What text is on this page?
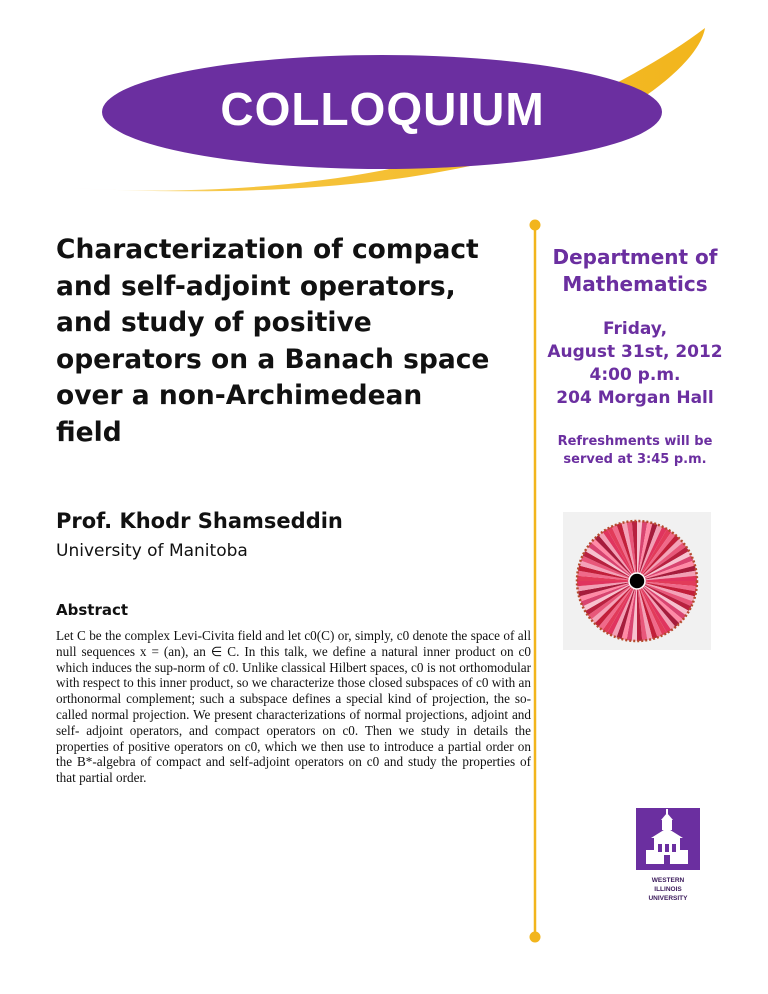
COLLOQUIUM
Characterization of compact
and self-adjoint operators,
and study of positive
operators on a Banach space
over a non-Archimedean
field
Department of
Mathematics
Friday,
August 31st, 2012
4:00 p.m.
204 Morgan Hall
Refreshments will be
served at 3:45 p.m.
Prof. Khodr Shamseddin
University of Manitoba
Abstract
Let C be the complex Levi-Civita field and let c0(C) or, simply, c0 denote the space of all null sequences x = (an), an ∈ C. In this talk, we define a natural inner product on c0 which induces the sup-norm of c0. Unlike classical Hilbert spaces, c0 is not orthomodular with respect to this inner product, so we characterize those closed subspaces of c0 with an orthonormal complement; such a subspace defines a special kind of projection, the so-called normal projection. We present characterizations of normal projections, adjoint and self- adjoint operators, and compact operators on c0. Then we study in details the properties of positive operators on c0, which we then use to introduce a partial order on the B*-algebra of compact and self-adjoint operators on c0 and study the properties of that partial order.
WESTERN
ILLINOIS
UNIVERSITY
